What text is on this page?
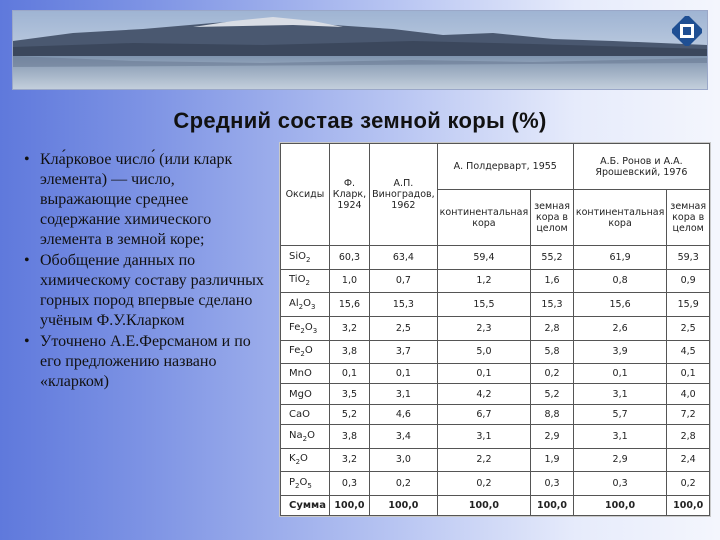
Средний состав земной коры (%)
• Кла́рковое число́ (или кларк элемента) — число, выражающие среднее содержание химического элемента в земной коре;
• Обобщение данных по химическому составу различных горных пород впервые сделано учёным Ф.У.Кларком
• Уточнено А.Е.Ферсманом и по его предложению названо «кларком)
Оксиды	Ф. Кларк, 1924	А.П. Виноградов, 1962	А. Полдерварт, 1955		А.Б. Ронов и А.А. Ярошевский, 1976	
			континентальная кора	земная кора в целом	континентальная кора	земная кора в целом
SiO$_2$	60,3	63,4	59,4	55,2	61,9	59,3
TiO$_2$	1,0	0,7	1,2	1,6	0,8	0,9
$Al_2O_3$	15,6	15,3	15,5	15,3	15,6	15,9
$Fe_2O_3$	3,2	2,5	2,3	2,8	2,6	2,5
$Fe_2O$	3,8	3,7	5,0	5,8	3,9	4,5
MnO	0,1	0,1	0,1	0,2	0,1	0,1
MgO	3,5	3,1	4,2	5,2	3,1	4,0
CaO	5,2	4,6	6,7	8,8	5,7	7,2
$Na_2O$	3,8	3,4	3,1	2,9	3,1	2,8
$K_2O$	3,2	3,0	2,2	1,9	2,9	2,4
$P_2O_5$	0,3	0,2	0,2	0,3	0,3	0,2
Сумма	100,0	100,0	100,0	100,0	100,0	100,0
